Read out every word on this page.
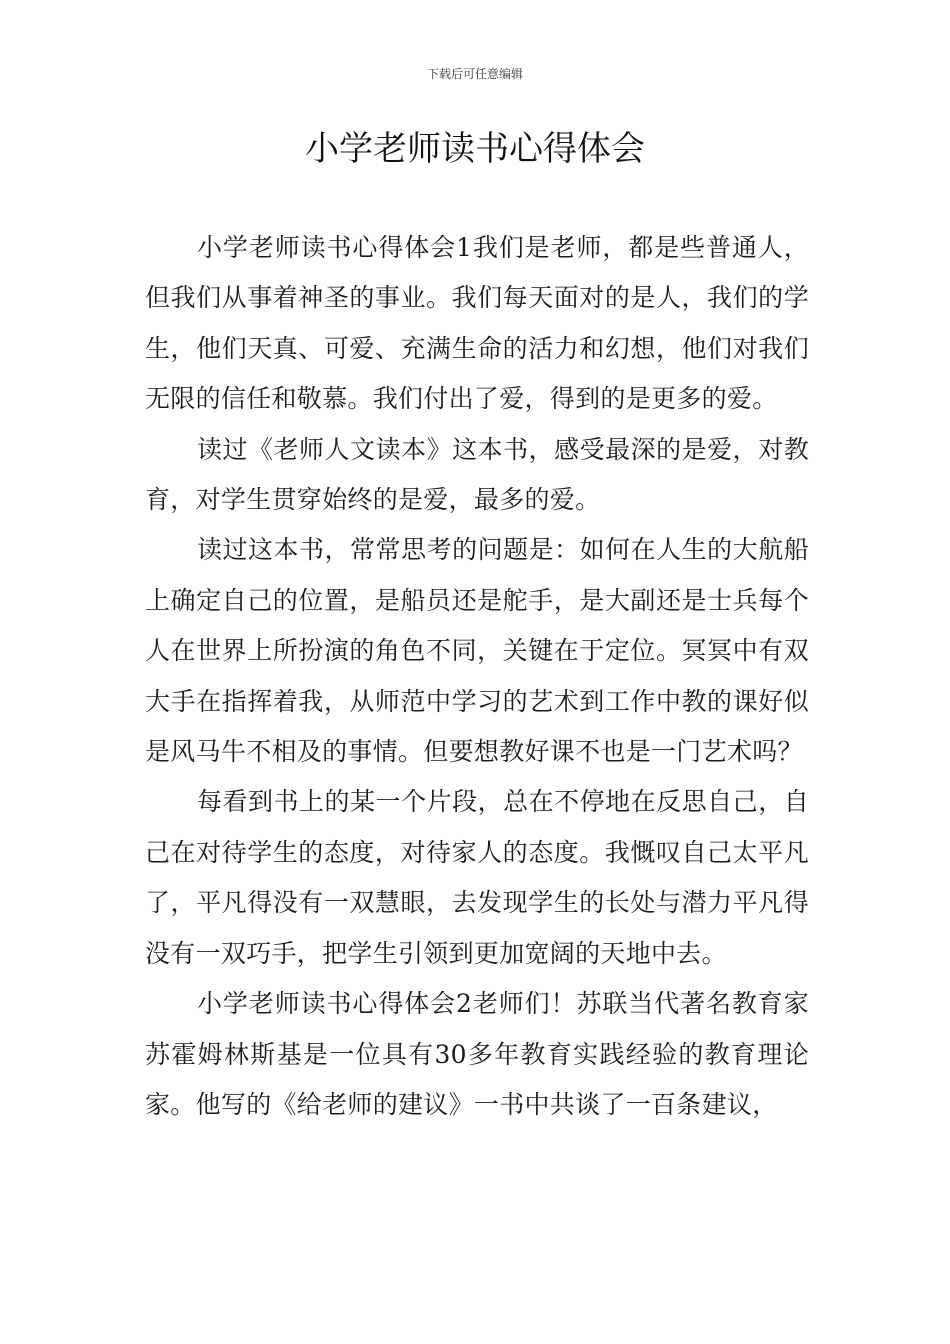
下载后可任意编辑
小学老师读书心得体会

小学老师读书心得体会1我们是老师，都是些普通人，但我们从事着神圣的事业。我们每天面对的是人，我们的学生，他们天真、可爱、充满生命的活力和幻想，他们对我们无限的信任和敬慕。我们付出了爱，得到的是更多的爱。

读过《老师人文读本》这本书，感受最深的是爱，对教育，对学生贯穿始终的是爱，最多的爱。

读过这本书，常常思考的问题是：如何在人生的大航船上确定自己的位置，是船员还是舵手，是大副还是士兵每个人在世界上所扮演的角色不同，关键在于定位。冥冥中有双大手在指挥着我，从师范中学习的艺术到工作中教的课好似是风马牛不相及的事情。但要想教好课不也是一门艺术吗？

每看到书上的某一个片段，总在不停地在反思自己，自己在对待学生的态度，对待家人的态度。我慨叹自己太平凡了，平凡得没有一双慧眼，去发现学生的长处与潜力平凡得没有一双巧手，把学生引领到更加宽阔的天地中去。

小学老师读书心得体会2老师们！苏联当代著名教育家苏霍姆林斯基是一位具有30多年教育实践经验的教育理论家。他写的《给老师的建议》一书中共谈了一百条建议，
